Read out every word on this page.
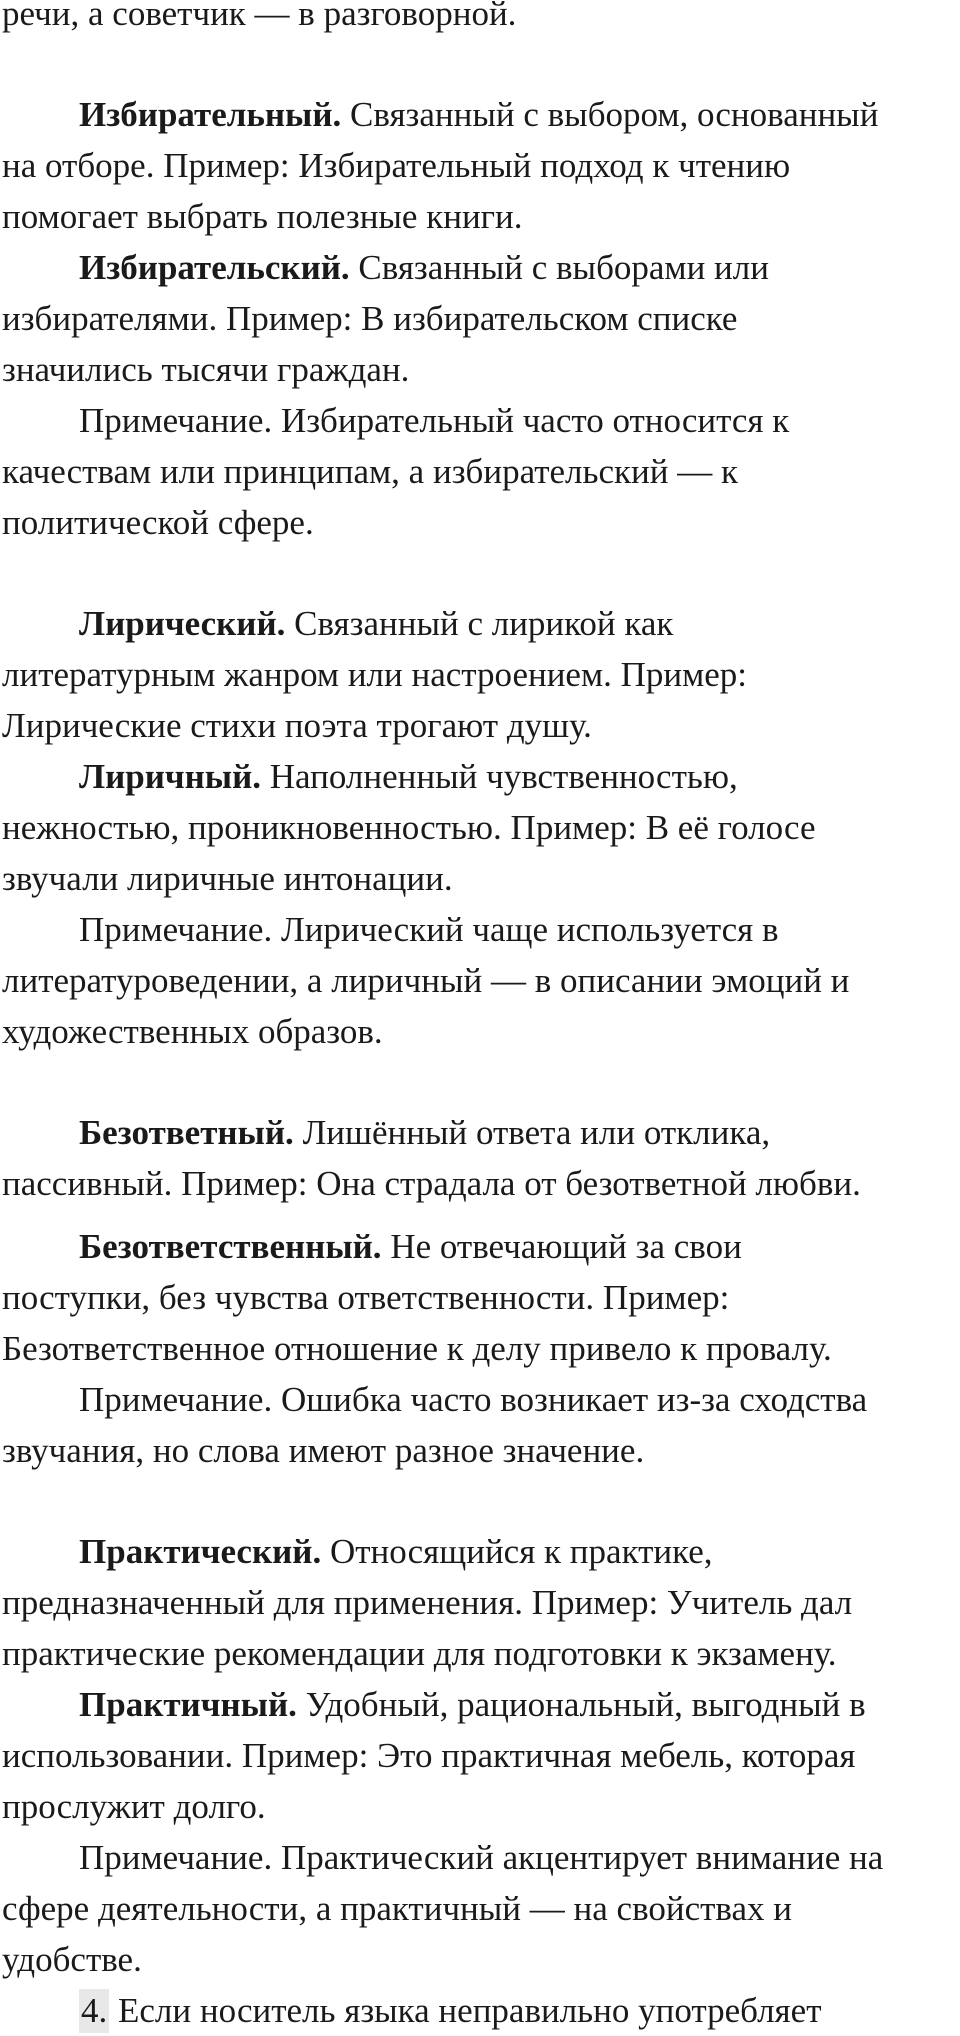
речи, а советчик — в разговорной.
Избирательный. Связанный с выбором, основанный
на отборе. Пример: Избирательный подход к чтению
помогает выбрать полезные книги.
Избирательский. Связанный с выборами или
избирателями. Пример: В избирательском списке
значились тысячи граждан.
Примечание. Избирательный часто относится к
качествам или принципам, а избирательский — к
политической сфере.
Лирический. Связанный с лирикой как
литературным жанром или настроением. Пример:
Лирические стихи поэта трогают душу.
Лиричный. Наполненный чувственностью,
нежностью, проникновенностью. Пример: В её голосе
звучали лиричные интонации.
Примечание. Лирический чаще используется в
литературоведении, а лиричный — в описании эмоций и
художественных образов.
Безответный. Лишённый ответа или отклика,
пассивный. Пример: Она страдала от безответной любви.
Безответственный. Не отвечающий за свои
поступки, без чувства ответственности. Пример:
Безответственное отношение к делу привело к провалу.
Примечание. Ошибка часто возникает из-за сходства
звучания, но слова имеют разное значение.
Практический. Относящийся к практике,
предназначенный для применения. Пример: Учитель дал
практические рекомендации для подготовки к экзамену.
Практичный. Удобный, рациональный, выгодный в
использовании. Пример: Это практичная мебель, которая
прослужит долго.
Примечание. Практический акцентирует внимание на
сфере деятельности, а практичный — на свойствах и
удобстве.
4. Если носитель языка неправильно употребляет
